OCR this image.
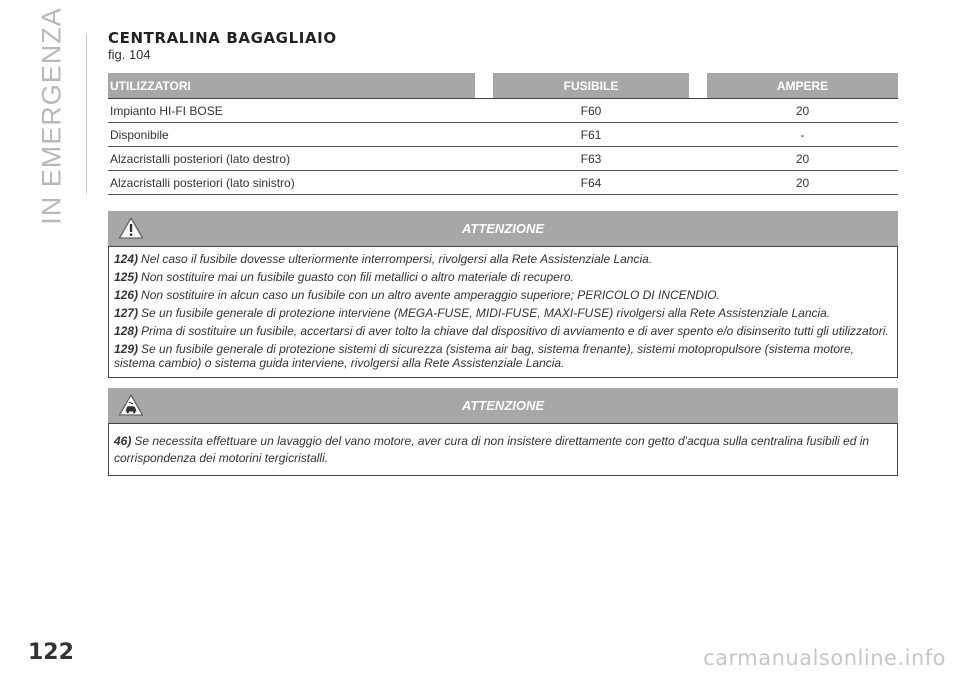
IN EMERGENZA	CENTRALINA BAGAGLIAIO
fig. 104
UTILIZZATORI		FUSIBILE		AMPERE
Impianto HI-FI BOSE		F60		20
Disponibile		F61		-
Alzacristalli posteriori (lato destro)		F63		20
Alzacristalli posteriori (lato sinistro)		F64		20
ATTENZIONE

124) Nel caso il fusibile dovesse ulteriormente interrompersi, rivolgersi alla Rete Assistenziale Lancia.

125) Non sostituire mai un fusibile guasto con fili metallici o altro materiale di recupero.

126) Non sostituire in alcun caso un fusibile con un altro avente amperaggio superiore; PERICOLO DI INCENDIO.

127) Se un fusibile generale di protezione interviene (MEGA-FUSE, MIDI-FUSE, MAXI-FUSE) rivolgersi alla Rete Assistenziale Lancia.

128) Prima di sostituire un fusibile, accertarsi di aver tolto la chiave dal dispositivo di avviamento e di aver spento e/o disinserito tutti gli utilizzatori.

129) Se un fusibile generale di protezione sistemi di sicurezza (sistema air bag, sistema frenante), sistemi motopropulsore (sistema motore, sistema cambio) o sistema guida interviene, rivolgersi alla Rete Assistenziale Lancia.

ATTENZIONE

46) Se necessita effettuare un lavaggio del vano motore, aver cura di non insistere direttamente con getto d'acqua sulla centralina fusibili ed in corrispondenza dei motorini tergicristalli.

122	carmanualsonline.info
